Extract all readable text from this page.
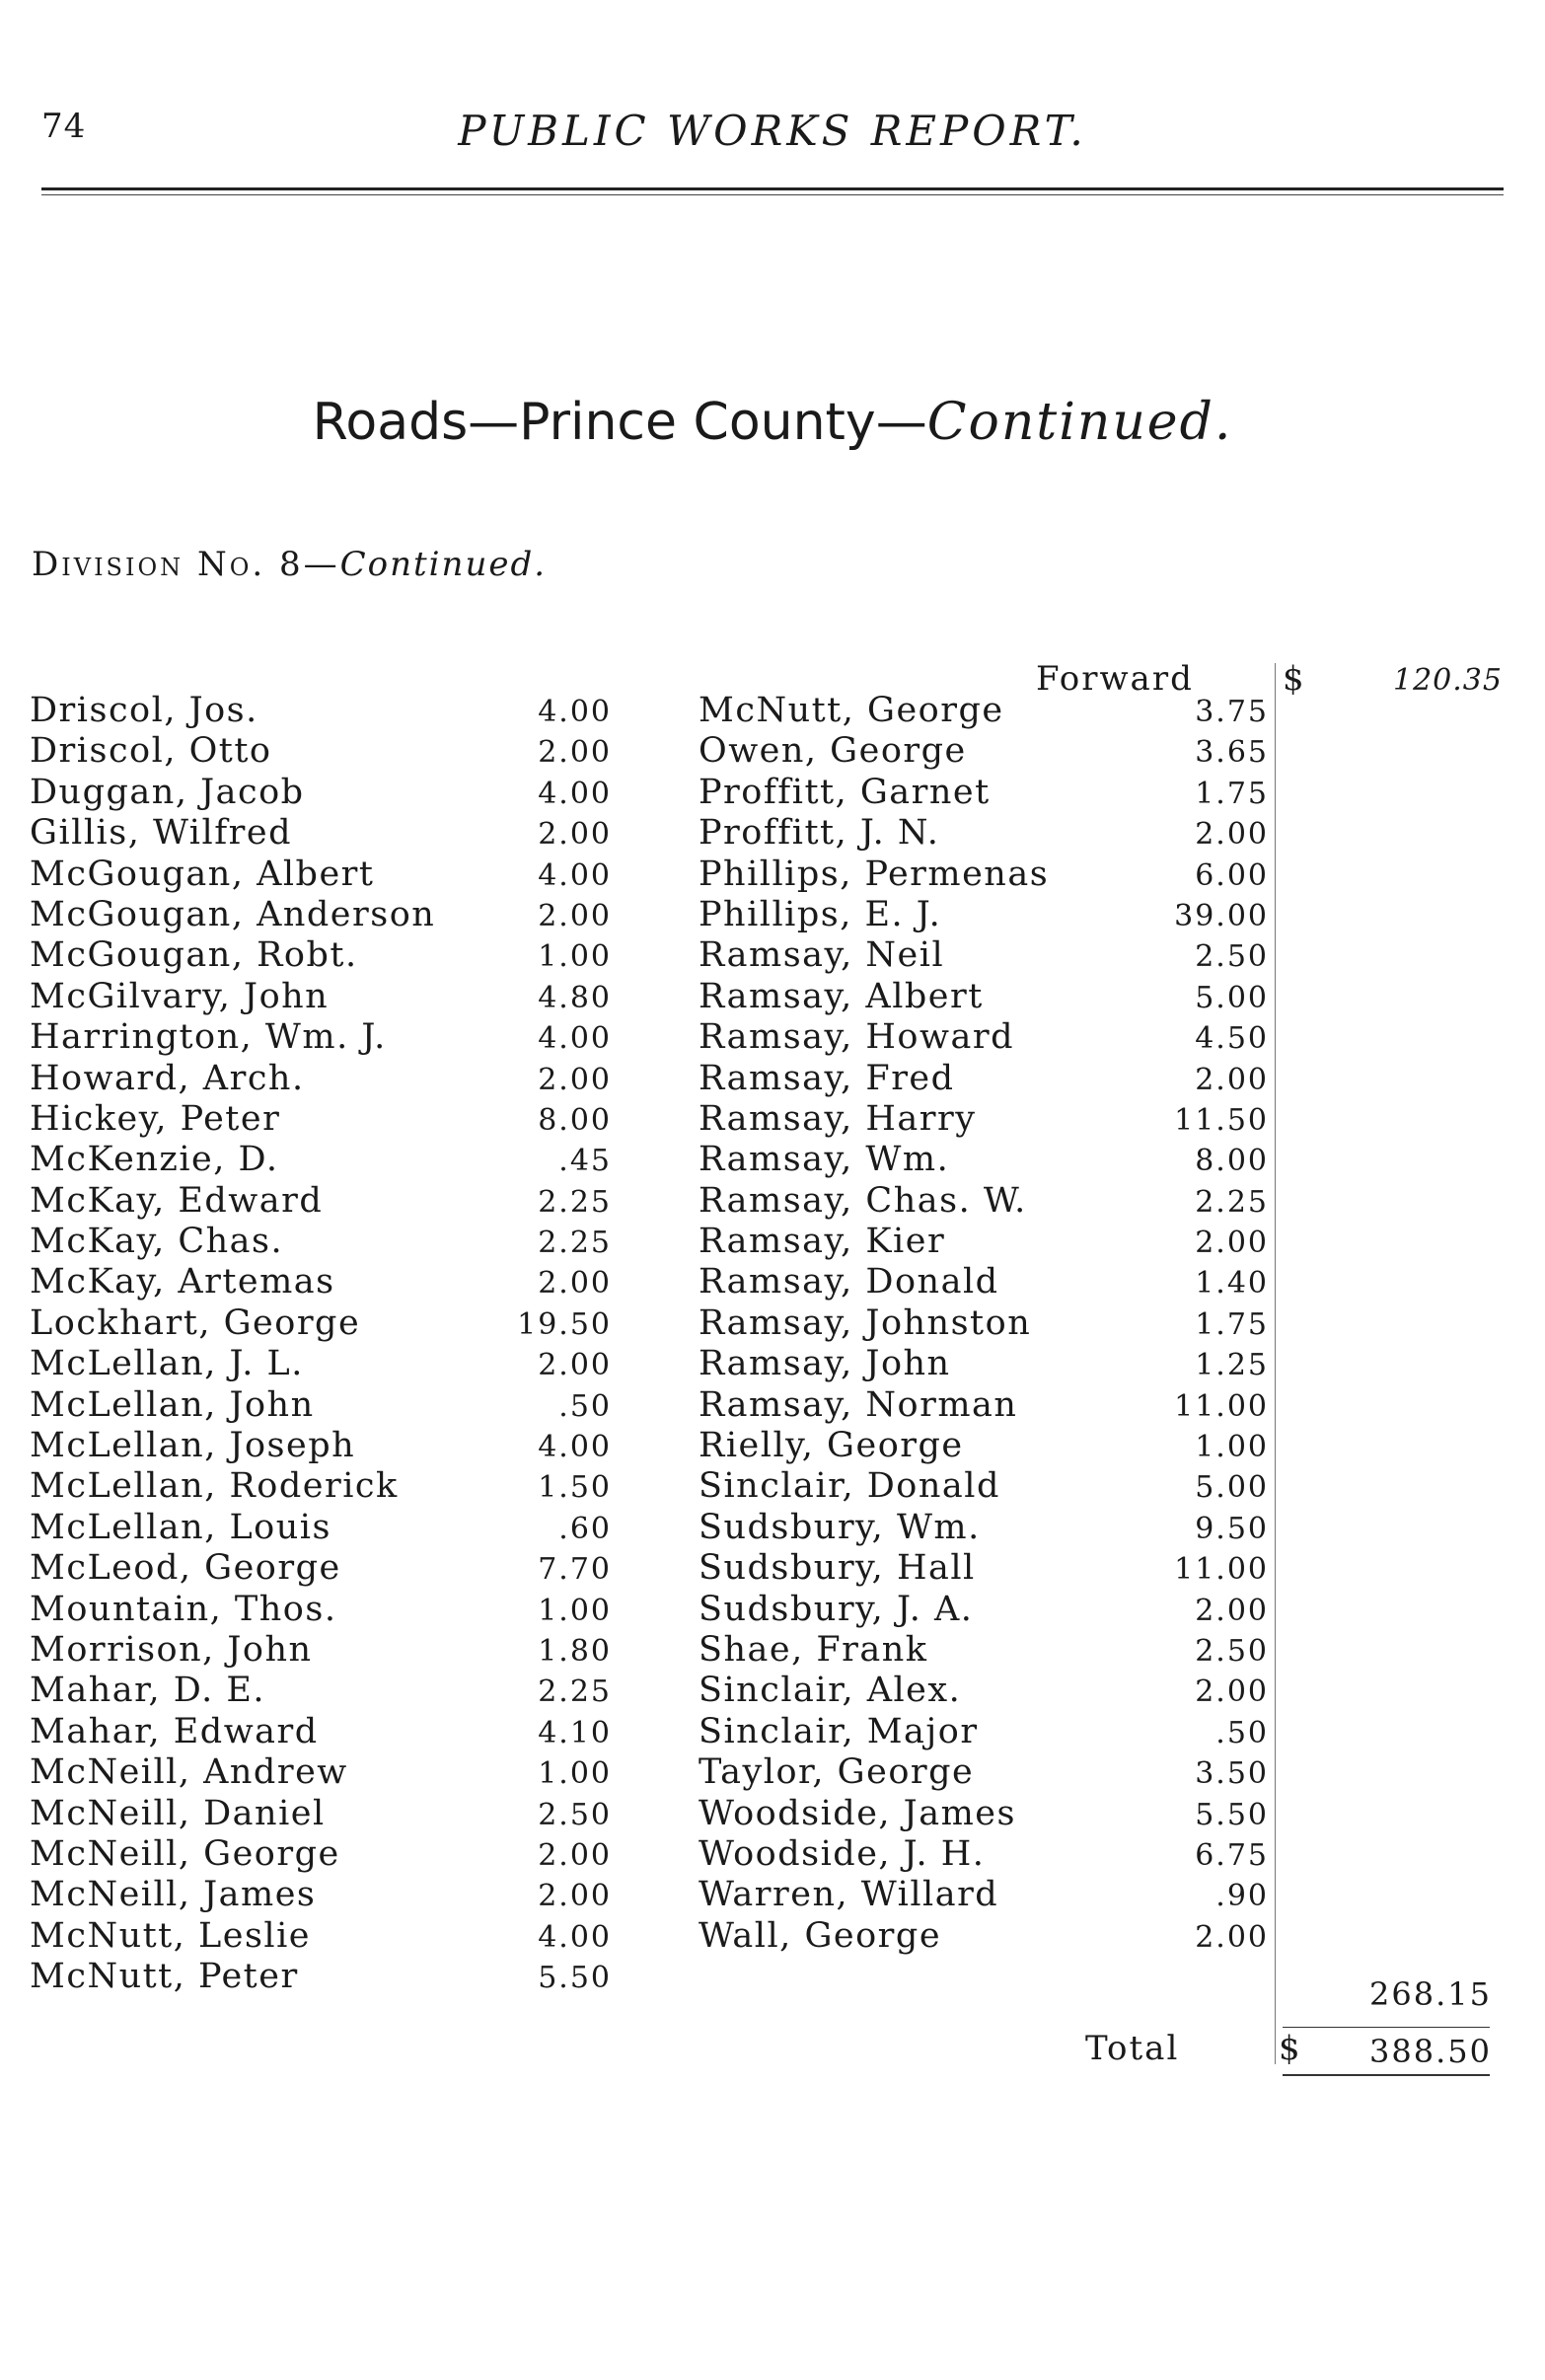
74	PUBLIC WORKS REPORT.
Roads—Prince County—Continued.
Division No. 8—Continued.
Driscol, Jos.	4.00
Driscol, Otto	2.00
Duggan, Jacob	4.00
Gillis, Wilfred	2.00
McGougan, Albert	4.00
McGougan, Anderson	2.00
McGougan, Robt.	1.00
McGilvary, John	4.80
Harrington, Wm. J.	4.00
Howard, Arch.	2.00
Hickey, Peter	8.00
McKenzie, D.	.45
McKay, Edward	2.25
McKay, Chas.	2.25
McKay, Artemas	2.00
Lockhart, George	19.50
McLellan, J. L.	2.00
McLellan, John	.50
McLellan, Joseph	4.00
McLellan, Roderick	1.50
McLellan, Louis	.60
McLeod, George	7.70
Mountain, Thos.	1.00
Morrison, John	1.80
Mahar, D. E.	2.25
Mahar, Edward	4.10
McNeill, Andrew	1.00
McNeill, Daniel	2.50
McNeill, George	2.00
McNeill, James	2.00
McNutt, Leslie	4.00
McNutt, Peter	5.50
Forward	$	120.35
McNutt, George	3.75
Owen, George	3.65
Proffitt, Garnet	1.75
Proffitt, J. N.	2.00
Phillips, Permenas	6.00
Phillips, E. J.	39.00
Ramsay, Neil	2.50
Ramsay, Albert	5.00
Ramsay, Howard	4.50
Ramsay, Fred	2.00
Ramsay, Harry	11.50
Ramsay, Wm.	8.00
Ramsay, Chas. W.	2.25
Ramsay, Kier	2.00
Ramsay, Donald	1.40
Ramsay, Johnston	1.75
Ramsay, John	1.25
Ramsay, Norman	11.00
Rielly, George	1.00
Sinclair, Donald	5.00
Sudsbury, Wm.	9.50
Sudsbury, Hall	11.00
Sudsbury, J. A.	2.00
Shae, Frank	2.50
Sinclair, Alex.	2.00
Sinclair, Major	.50
Taylor, George	3.50
Woodside, James	5.50
Woodside, J. H.	6.75
Warren, Willard	.90
Wall, George	2.00
268.15
Total	$	388.50
